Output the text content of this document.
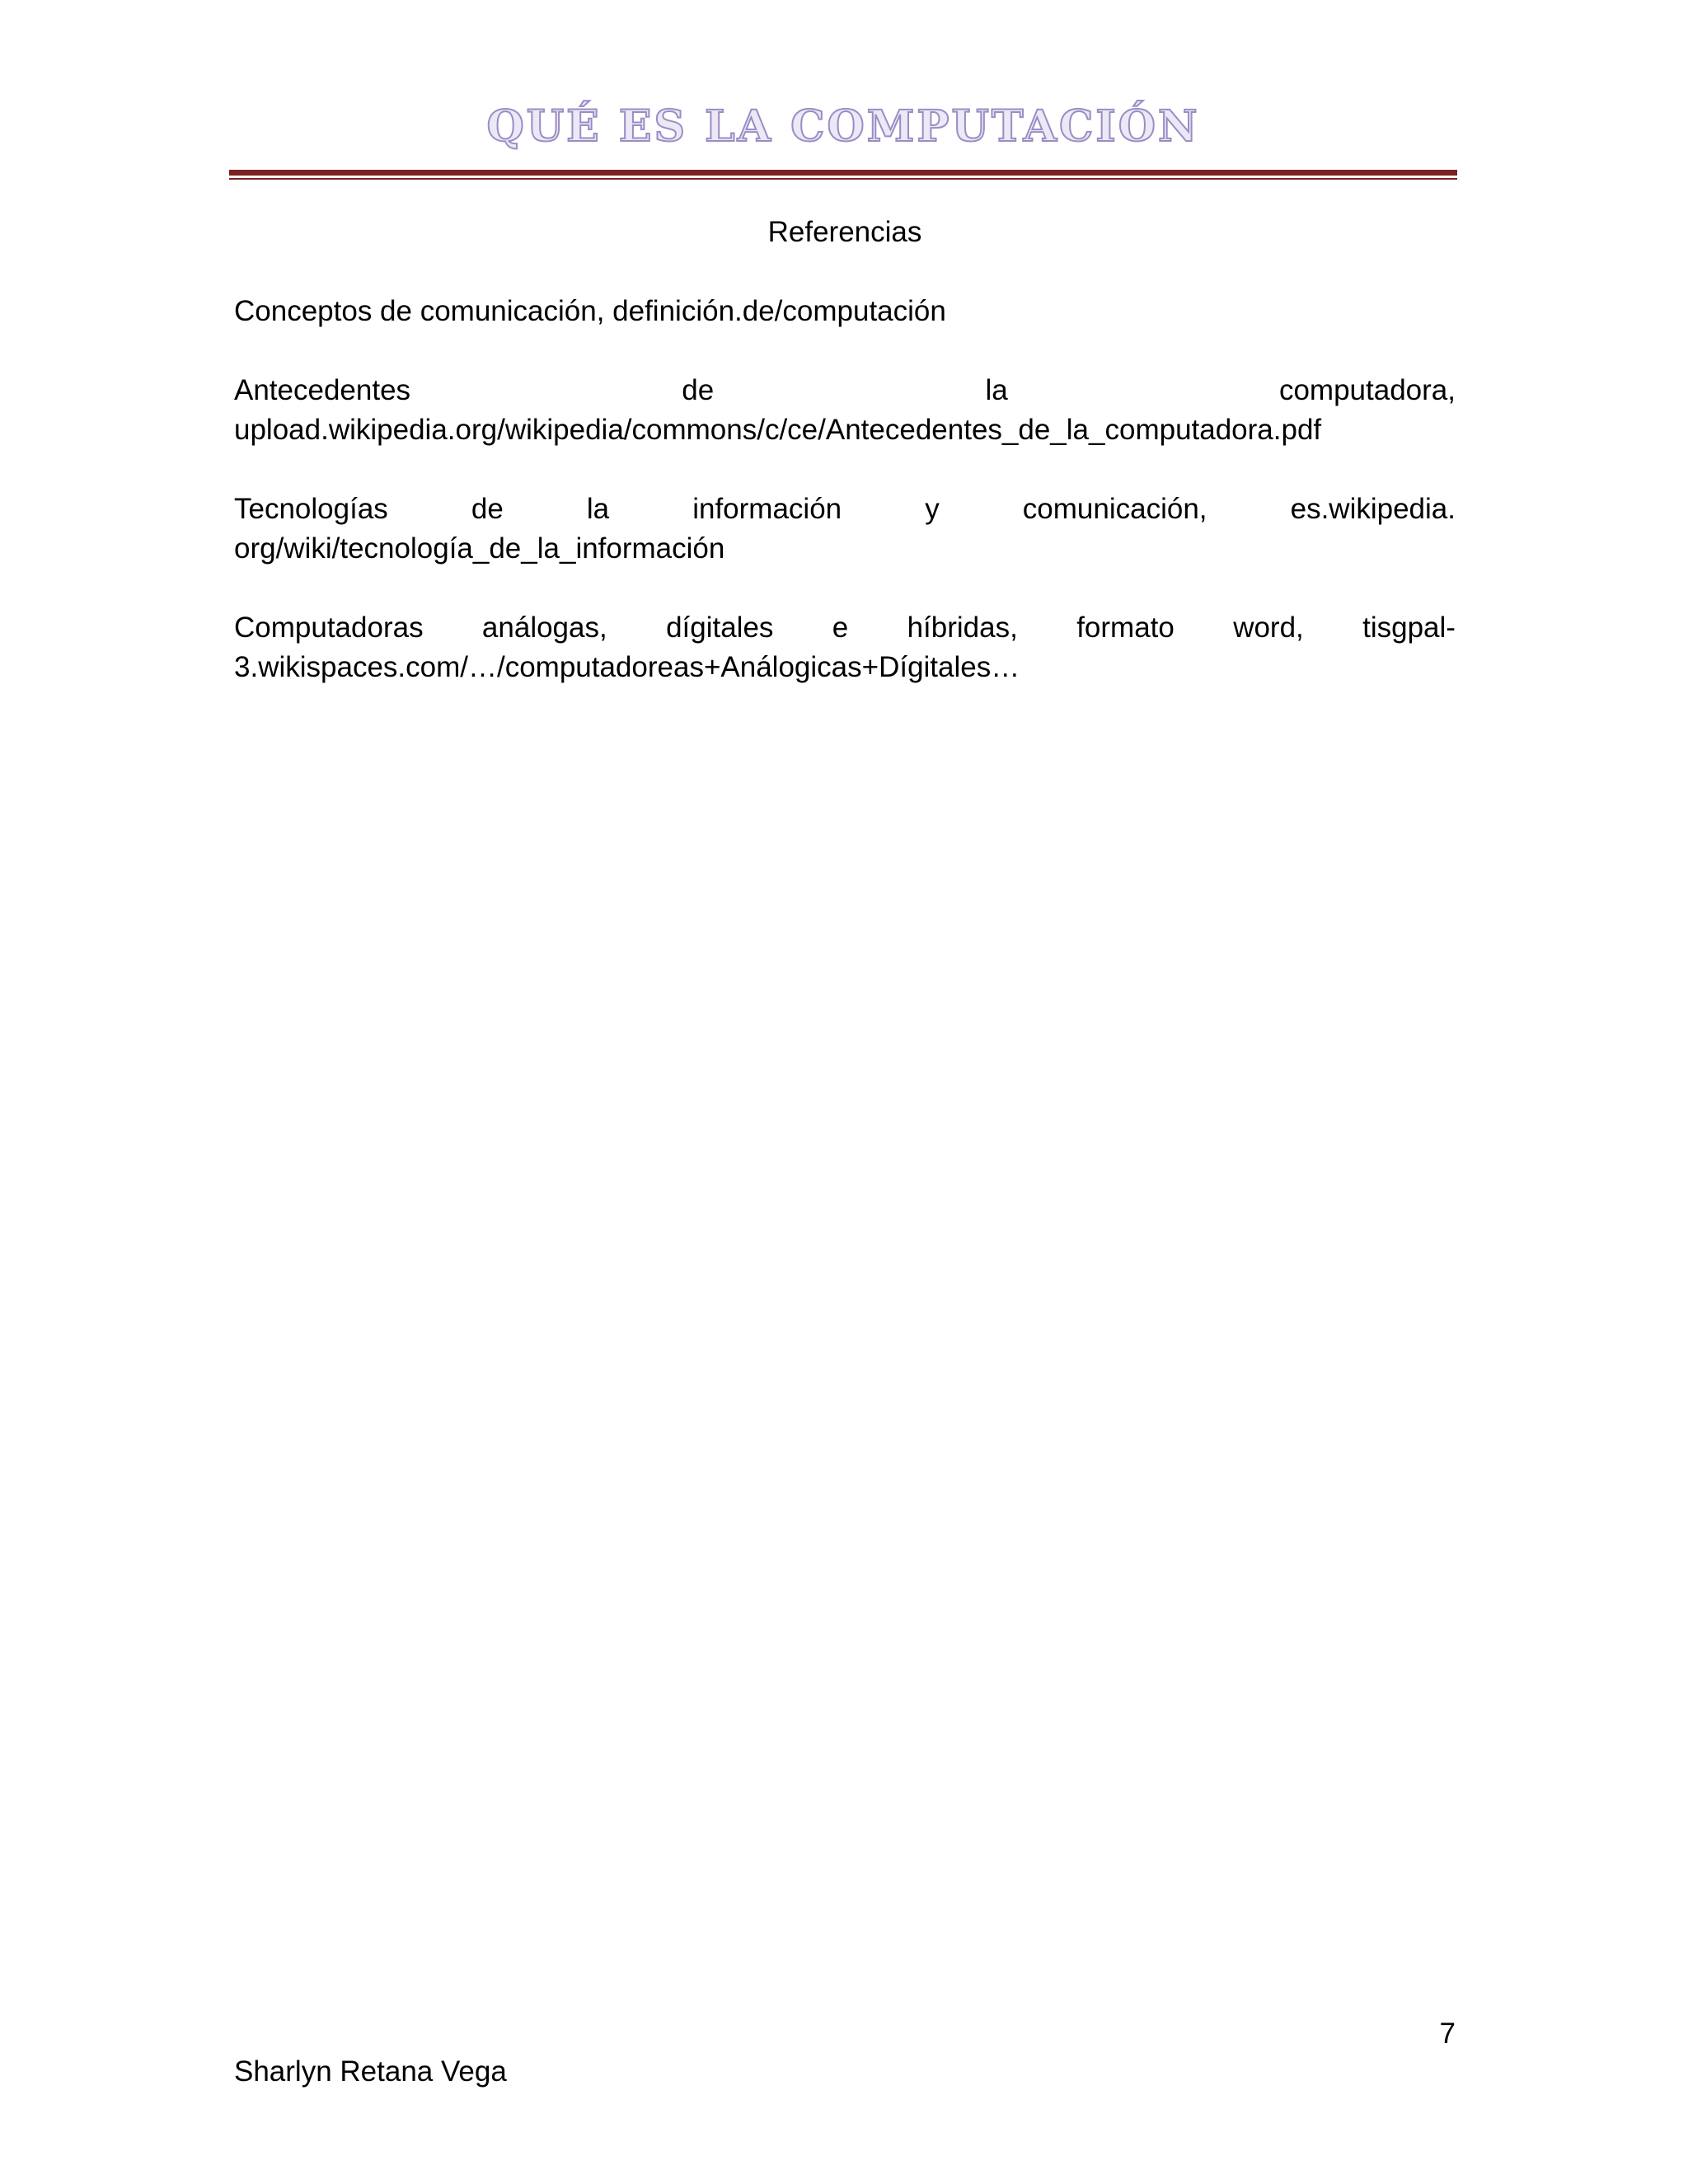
QUÉ ES LA COMPUTACIÓN
Referencias
Conceptos de comunicación, definición.de/computación
Antecedentes	de	la	computadora,
upload.wikipedia.org/wikipedia/commons/c/ce/Antecedentes_de_la_computadora.pdf
Tecnologías	de	la	información	y	comunicación,	es.wikipedia.
org/wiki/tecnología_de_la_información
Computadoras análogas, dígitales e híbridas, formato word, tisgpal-
3.wikispaces.com/…/computadoreas+Análogicas+Dígitales…
7
Sharlyn Retana Vega
